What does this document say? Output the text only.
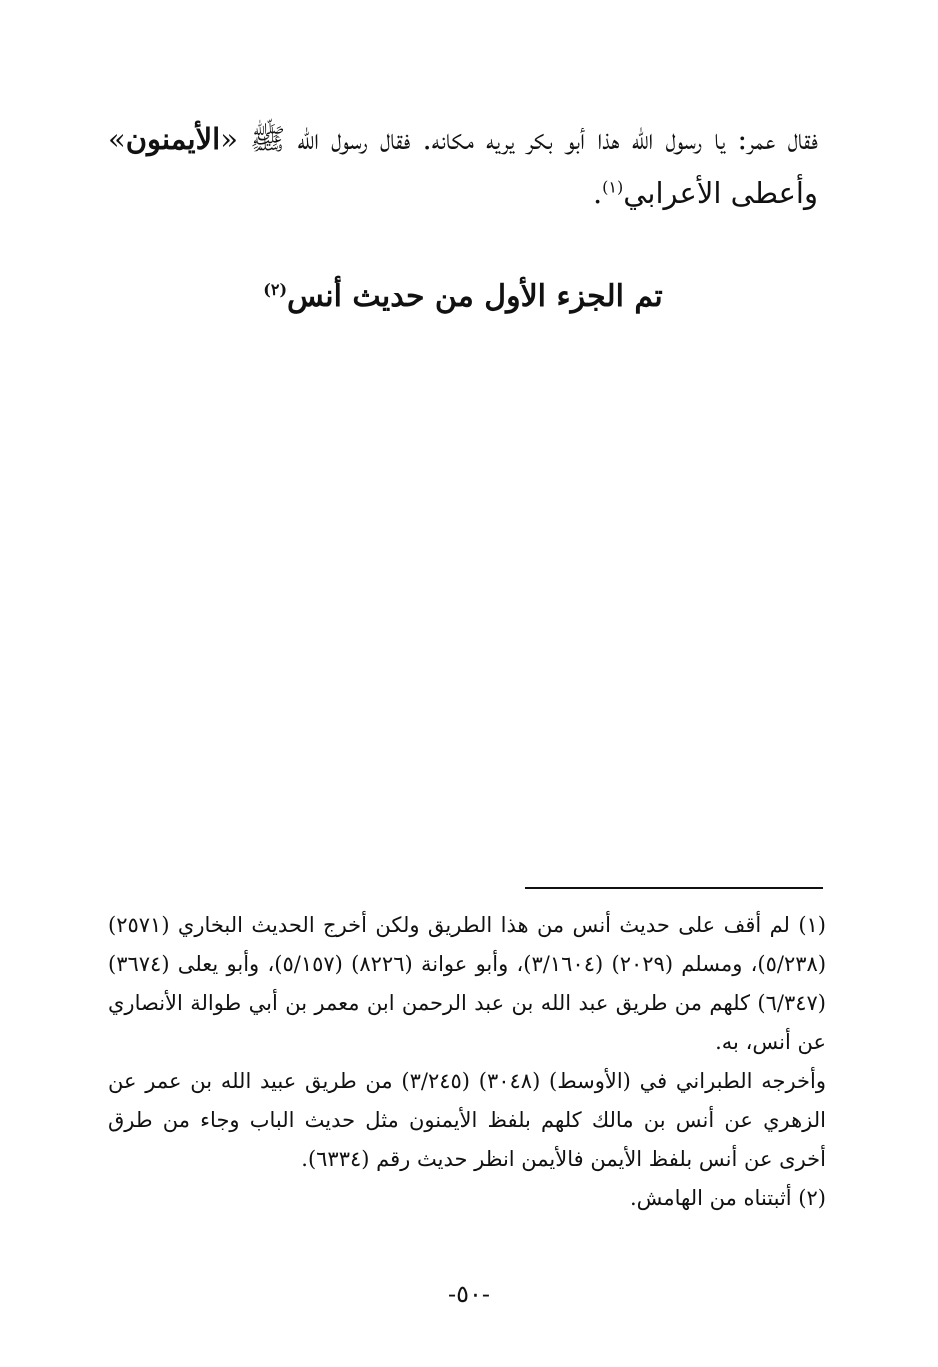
فقال عمر: يا رسول الله هذا أبو بكر يريه مكانه. فقال رسول الله ﷺ «الأيمنون» وأعطى الأعرابي$^{(١)}$.

تم الجزء الأول من حديث أنس$^{(٢)}$

(١) لم أقف على حديث أنس من هذا الطريق ولكن أخرج الحديث البخاري (٢٥٧١) (٥/٢٣٨)، ومسلم (٢٠٢٩) (٣/١٦٠٤)، وأبو عوانة (٨٢٢٦) (٥/١٥٧)، وأبو يعلى (٣٦٧٤) (٦/٣٤٧) كلهم من طريق عبد الله بن عبد الرحمن ابن معمر بن أبي طوالة الأنصاري عن أنس، به.

وأخرجه الطبراني في (الأوسط) (٣٠٤٨) (٣/٢٤٥) من طريق عبيد الله بن عمر عن الزهري عن أنس بن مالك كلهم بلفظ الأيمنون مثل حديث الباب وجاء من طرق أخرى عن أنس بلفظ الأيمن فالأيمن انظر حديث رقم (٦٣٣٤).

(٢) أثبتناه من الهامش.

-٥٠-
